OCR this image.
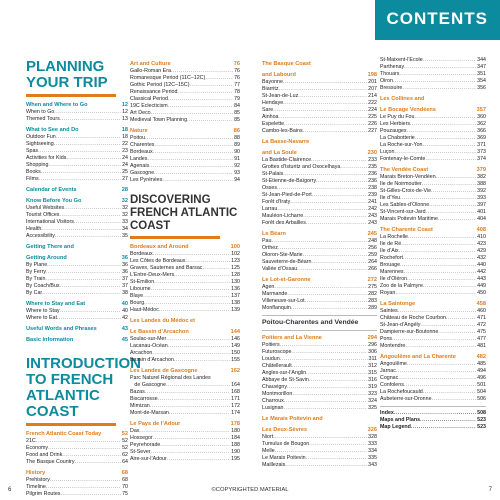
CONTENTS
PLANNING
YOUR TRIP
When and Where to Go	12
When to Go .....	12
Themed Tours .....	13
What to See and Do	18
Outdoor Fun .....	18
Sightseeing .....	22
Spas .....	23
Activities for Kids .....	24
Shopping .....	24
Books .....	25
Films .....	27
Calendar of Events	28
Know Before You Go	32
Useful Websites .....	32
Tourist Offices .....	32
International Visitors .....	33
Health .....	34
Accessibility .....	35
Getting There and
Getting Around	36
By Plane .....	36
By Ferry .....	36
By Train .....	37
By Coach/Bus .....	37
By Car .....	38
Where to Stay and Eat	40
Where to Stay .....	40
Where to Eat .....	42
Useful Words and Phrases	43
Basic Information	45
INTRODUCTION
TO FRENCH
ATLANTIC COAST
French Atlantic Coast Today	52
21C .....	52
Economy .....	52
Food and Drink .....	62
The Basque Country .....	64
History	68
Prehistory .....	68
Timeline .....	70
Pilgrim Routes .....	75
Art and Culture	76
Gallo-Roman Era .....	76
Romanesque Period (11C–12C) .....	76
Gothic Period (12C–15C) .....	77
Renaissance Period .....	78
Classical Period .....	79
19C Eclecticism .....	84
Art Deco .....	85
Medieval Town Planning .....	85
Nature	86
Poitou .....	88
Charentes .....	89
Bordeaux .....	90
Landes .....	91
Agenais .....	92
Gascogne .....	93
Les Pyrénées .....	94
DISCOVERING
FRENCH ATLANTIC
COAST
Bordeaux and Around	100
Bordeaux .....	102
Les Côtes de Bordeaux .....	123
Graves, Sauternes and Barsac .....	125
L’Entre-Deux-Mers .....	128
St-Émilion .....	130
Libourne .....	136
Blaye .....	137
Bourg .....	138
Haut-Médoc .....	139
Les Landes du Médoc et
Le Bassin d’Arcachon	144
Soulac-sur-Mer .....	146
Lacanau-Océan .....	149
Arcachon .....	150
Bassin d’Arcachon .....	155
Les Landes de Gascogne	162
Parc Naturel Régional des Landes
de Gascogne .....	164
Bazas .....	168
Biscarrosse .....	171
Mimizan .....	172
Mont-de-Marsan .....	174
Le Pays de l’Adour	178
Dax .....	180
Hossegor .....	184
Peyrehorade .....	188
St-Sever .....	190
Aire-sur-l’Adour .....	195
The Basque Coast
and Labourd	198
Bayonne .....	201
Biarritz .....	207
St-Jean-de-Luz .....	214
Hendaye .....	222
Sare .....	224
Ainhoa .....	225
Espelette .....	226
Cambo-les-Bains .....	227
La Basse-Navarre
and La Soule	230
La Bastide-Clairence .....	233
Grottes d’Isturitz and Oxocelhaya .....	235
St-Palais .....	236
St-Étienne-de-Baïgorry .....	236
Osses .....	238
St-Jean-Pied-de-Port .....	239
Forêt d’Iraty .....	241
Larrau .....	242
Mauléon-Licharre .....	243
Forêt des Arbailles .....	243
Le Béarn	245
Pau .....	248
Orthez .....	256
Oloron-Ste-Marie .....	259
Sauveterre-de-Béarn .....	264
Vallée d’Ossau .....	266
Le Lot-et-Garonne	272
Agen .....	275
Marmande .....	282
Villeneuve-sur-Lot .....	283
Monflanquin .....	289
Poitou-Charentes and Vendée
Poitiers and La Vienne	294
Poitiers .....	296
Futuroscope .....	306
Loudun .....	311
Châtellerault .....	312
Angles-sur-l’Anglin .....	315
Abbaye de St-Savin .....	316
Chauvigny .....	319
Montmorillon .....	323
Charroux .....	324
Lusignan .....	325
Le Marais Poitevin and
Les Deux-Sèvres	326
Niort .....	328
Tumulus de Bougon .....	333
Melle .....	334
Le Marais Poitevin .....	335
Maillezais .....	343
St-Maixent-l’École .....	344
Parthenay .....	347
Thouars .....	351
Oiron .....	354
Bressuire .....	356
Les Collines and
Le Bocage Vendéens	357
Le Puy du Fou .....	360
Les Herbiers .....	362
Pouzauges .....	366
La Chabotterie .....	369
La Roche-sur-Yon .....	371
Luçon .....	373
Fontenay-le-Comte .....	374
The Vendée Coast	379
Marais Breton-Vendéen .....	382
Île de Noirmoutier .....	388
St-Gilles-Croix-de-Vie .....	392
Île d’Yeu .....	393
Les Sables-d’Olonne .....	397
St-Vincent-sur-Jard .....	401
Marais Poitevin Maritime .....	404
The Charente Coast	408
La Rochelle .....	410
Île de Ré .....	423
Île d’Aix .....	429
Rochefort .....	432
Brouage .....	440
Marennes .....	442
Île d’Oléron .....	443
Zoo de la Palmyre .....	449
Royan .....	450
La Saintonge	458
Saintes .....	460
Château de Roche Courbon .....	471
St-Jean-d’Angély .....	472
Dampierre-sur-Boutonne .....	475
Pons .....	477
Montendre .....	481
Angoulême and La Charente	482
Angoulême .....	485
Jarnac .....	494
Cognac .....	496
Confolens .....	501
La Rochefoucauld .....	504
Aubeterre-sur-Dronne .....	506
Index .....	508
Maps and Plans .....	523
Map Legend .....	523
6	©COPYRIGHTED MATERIAL	7
